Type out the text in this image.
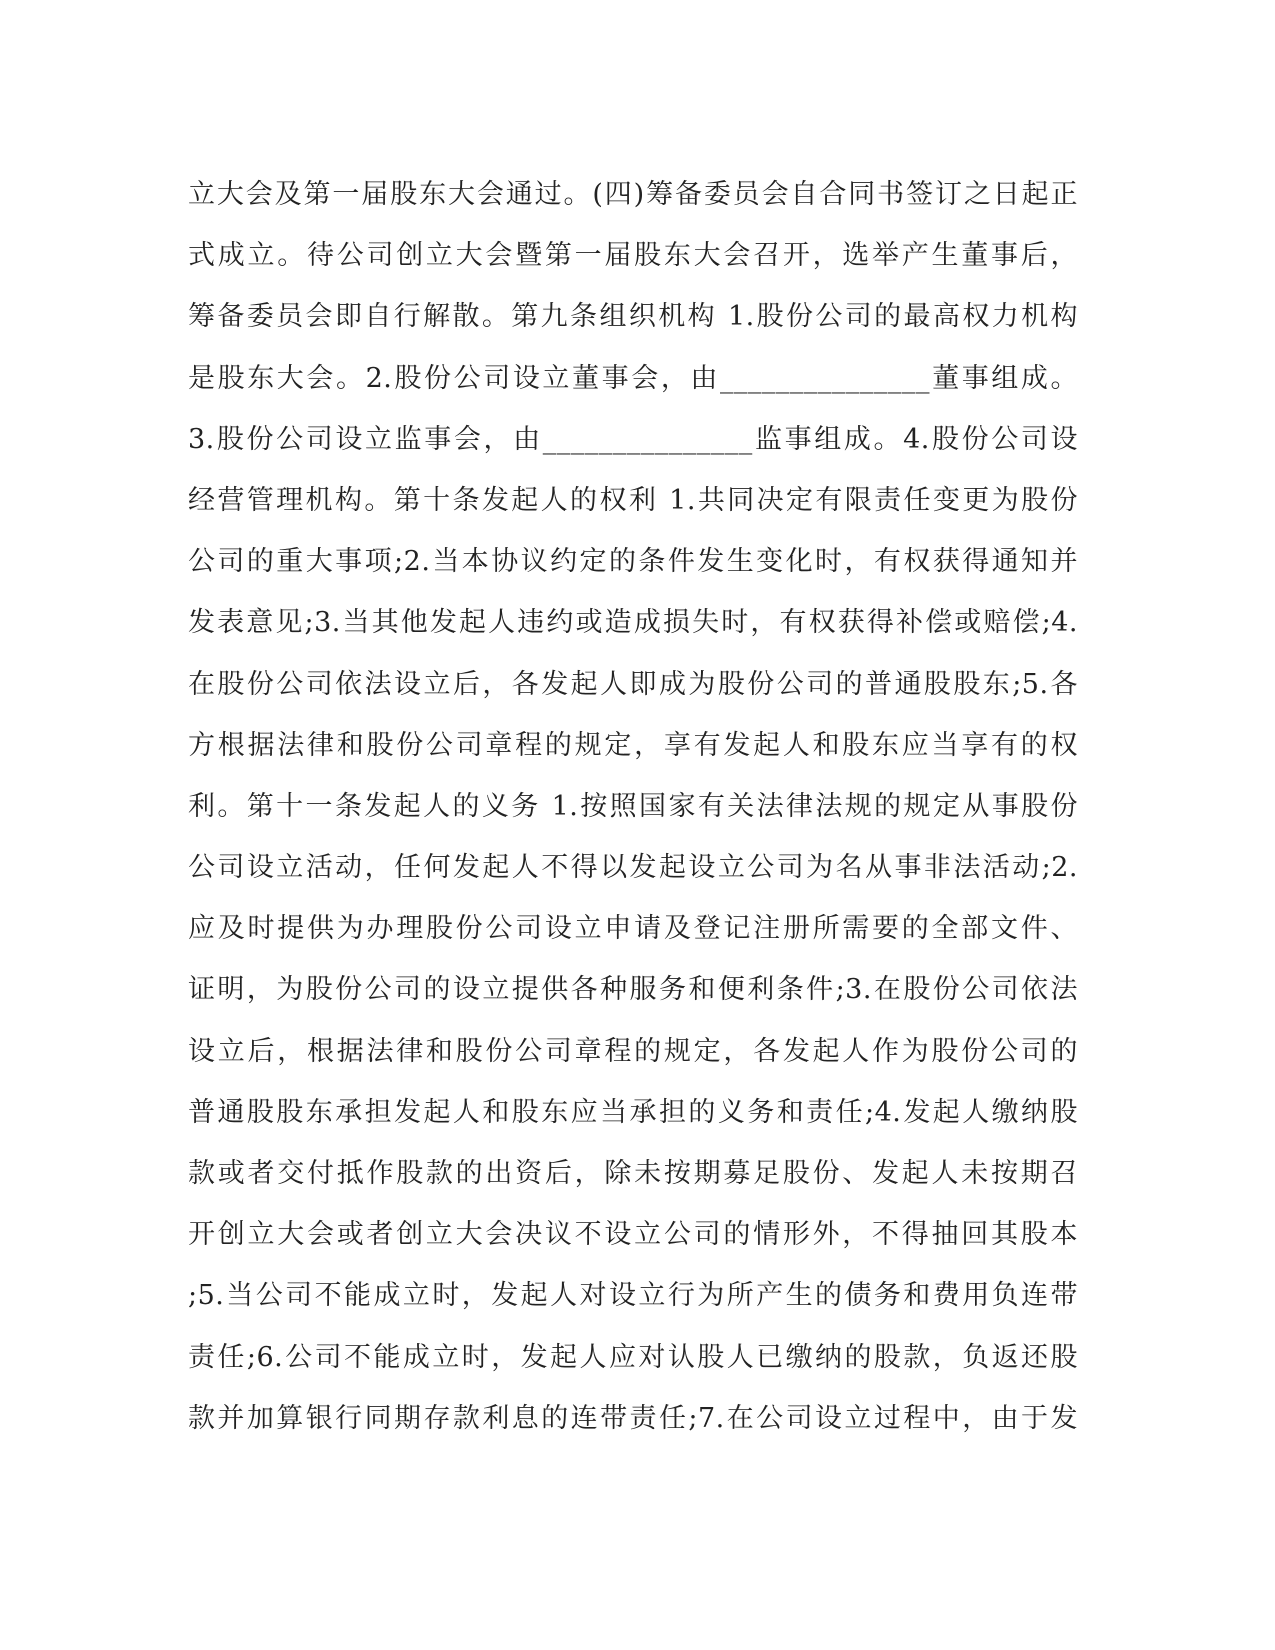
立大会及第一届股东大会通过。(四)筹备委员会自合同书签订之日起正
式成立。待公司创立大会暨第一届股东大会召开，选举产生董事后，
筹备委员会即自行解散。第九条组织机构 1.股份公司的最高权力机构
是股东大会。2.股份公司设立董事会，由_______________董事组成。
3.股份公司设立监事会，由_______________监事组成。4.股份公司设
经营管理机构。第十条发起人的权利 1.共同决定有限责任变更为股份
公司的重大事项;2.当本协议约定的条件发生变化时，有权获得通知并
发表意见;3.当其他发起人违约或造成损失时，有权获得补偿或赔偿;4.
在股份公司依法设立后，各发起人即成为股份公司的普通股股东;5.各
方根据法律和股份公司章程的规定，享有发起人和股东应当享有的权
利。第十一条发起人的义务 1.按照国家有关法律法规的规定从事股份
公司设立活动，任何发起人不得以发起设立公司为名从事非法活动;2.
应及时提供为办理股份公司设立申请及登记注册所需要的全部文件、
证明，为股份公司的设立提供各种服务和便利条件;3.在股份公司依法
设立后，根据法律和股份公司章程的规定，各发起人作为股份公司的
普通股股东承担发起人和股东应当承担的义务和责任;4.发起人缴纳股
款或者交付抵作股款的出资后，除未按期募足股份、发起人未按期召
开创立大会或者创立大会决议不设立公司的情形外，不得抽回其股本
;5.当公司不能成立时，发起人对设立行为所产生的债务和费用负连带
责任;6.公司不能成立时，发起人应对认股人已缴纳的股款，负返还股
款并加算银行同期存款利息的连带责任;7.在公司设立过程中，由于发
